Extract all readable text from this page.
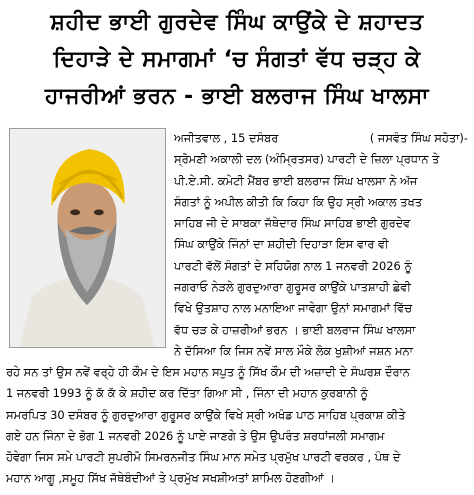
ਸ਼ਹੀਦ ਭਾਈ ਗੁਰਦੇਵ ਸਿੰਘ ਕਾਉਂਕੇ ਦੇ ਸ਼ਹਾਦਤ
ਦਿਹਾੜੇ ਦੇ ਸਮਾਗਮਾਂ ‘ਚ ਸੰਗਤਾਂ ਵੱਧ ਚੜ੍ਹ ਕੇ
ਹਾਜਰੀਆਂ ਭਰਨ - ਭਾਈ ਬਲਰਾਜ ਸਿੰਘ ਖਾਲਸਾ
ਅਜੀਤਵਾਲ , 15 ਦਸੰਬਰ	( ਜਸਵੰਤ ਸਿੰਘ ਸਹੋਤਾ)-
ਸ੍ਰੋਮਣੀ ਅਕਾਲੀ ਦਲ (ਅੰਮ੍ਰਿਤਸਰ) ਪਾਰਟੀ ਦੇ ਜ਼ਿਲਾ ਪ੍ਰਧਾਨ ਤੇ
ਪੀ.ਏ.ਸੀ. ਕਮੇਟੀ ਮੈਂਬਰ ਭਾਈ ਬਲਰਾਜ ਸਿੰਘ ਖਾਲਸਾ ਨੇ ਅੱਜ
ਸੰਗਤਾਂ ਨੂੰ ਅਪੀਲ ਕੀਤੀ ਕਿ ਕਿਹਾ ਕਿ ਉਹ ਸ੍ਰੀ ਅਕਾਲ ਤਖਤ
ਸਾਹਿਬ ਜੀ ਦੇ ਸਾਬਕਾ ਜੱਥੇਦਾਰ ਸਿੰਘ ਸਾਹਿਬ ਭਾਈ ਗੁਰਦੇਵ
ਸਿੰਘ ਕਾਉਂਕੇ ਜਿੰਨਾਂ ਦਾ ਸ਼ਹੀਦੀ ਦਿਹਾੜਾ ਇਸ ਵਾਰ ਵੀ
ਪਾਰਟੀ ਵੱਲੋਂ ਸੰਗਤਾਂ ਦੇ ਸਹਿਯੋਗ ਨਾਲ 1 ਜਨਵਰੀ 2026 ਨੂੰ
ਜਗਰਾਓ ਨੇੜਲੇ ਗੁਰਦੁਆਰਾ ਗੁਰੂਸਰ ਕਾਉਂਕੇ ਪਾਤਸ਼ਾਹੀ ਛੇਵੀ
ਵਿਖੇ ਉਤਸ਼ਾਹ ਨਾਲ ਮਨਾਇਆ ਜਾਵੇਗਾ ਉਨਾਂ ਸਮਾਗਮਾਂ ਵਿੱਚ
ਵੱਧ ਚੜ ਕੇ ਹਾਜ਼ਰੀਆਂ ਭਰਨ । ਭਾਈ ਬਲਰਾਜ ਸਿੰਘ ਖਾਲਸਾ
ਨੇ ਦੱਸਿਆ ਕਿ ਜਿਸ ਨਵੇਂ ਸਾਲ ਮੌਕੇ ਲੋਕ ਖੁਸ਼ੀਆਂ ਜਸ਼ਨ ਮਨਾ
ਰਹੇ ਸਨ ਤਾਂ ਉਸ ਨਵੇਂ ਵਰ੍ਹੇ ਹੀ ਕੌਮ ਦੇ ਇਸ ਮਹਾਨ ਸਪੁਤ ਨੂੰ ਸਿੱਖ ਕੌਮ ਦੀ ਅਜ਼ਾਦੀ ਦੇ ਸੰਘਰਸ਼ ਦੌਰਾਨ
1 ਜਨਵਰੀ 1993 ਨੂੰ ਕੱ ਕੱ ਕੇ ਸ਼ਹੀਦ ਕਰ ਦਿੱਤਾ ਗਿਆ ਸੀ , ਜਿੰਨਾ ਦੀ ਮਹਾਨ ਕੁਰਬਾਨੀ ਨੂੰ
ਸਮਰਪਿਤ 30 ਦਸੰਬਰ ਨੂੰ ਗੁਰਦੁਆਰਾ ਗੁਰੂਸਰ ਕਾਉਂਕੇ ਵਿਖੇ ਸ੍ਰੀ ਅਖੰਡ ਪਾਠ ਸਾਹਿਬ ਪ੍ਰਕਾਸ਼ ਕੀਤੇ
ਗਏ ਹਨ ਜਿੰਨਾ ਦੇ ਭੋਗ 1 ਜਨਵਰੀ 2026 ਨੂੰ ਪਾਏ ਜਾਣਗੇ ਤੇ ਉਸ ਉਪਰੰਤ ਸ਼ਰਧਾਂਜਲੀ ਸਮਾਗਮ
ਹੋਵੇਗਾ ਜਿਸ ਸਮੇ ਪਾਰਟੀ ਸੁਪਰੀਮੋ ਸਿਮਰਨਜੀਤ ਸਿੰਘ ਮਾਨ ਸਮੇਤ ਪ੍ਰਮੁੱਖ ਪਾਰਟੀ ਵਰਕਰ , ਪੰਥ ਦੇ
ਮਹਾਨ ਆਗੂ ,ਸਮੂਹ ਸਿੱਖ ਜੱਥੇਬੰਦੀਆਂ ਤੇ ਪ੍ਰਮੁੱਖ ਸਖਸ਼ੀਅਤਾਂ ਸ਼ਾਮਿਲ ਹੋਣਗੀਆਂ ।
